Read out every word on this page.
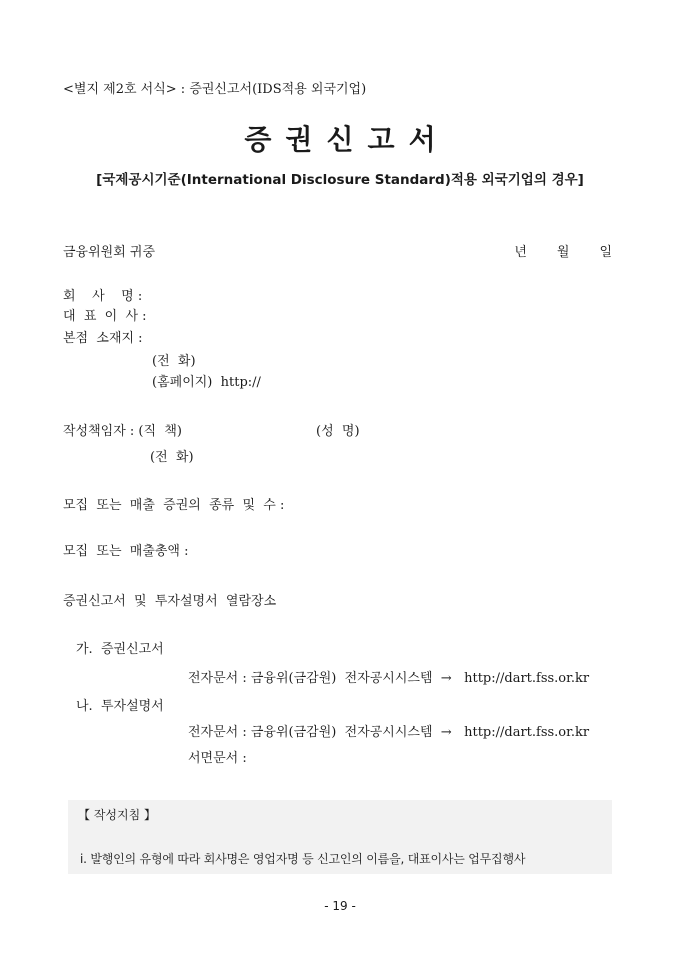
<별지 제2호 서식> : 증권신고서(IDS적용 외국기업)
증권신고서
[국제공시기준(International Disclosure Standard)적용 외국기업의 경우]
금융위원회 귀중	년 월 일
회    사    명 :
대  표  이  사 :
본점  소재지 :
(전  화)
(홈페이지)  http://
작성책임자 : (직  책)	(성  명)
(전  화)
모집  또는  매출  증권의  종류  및  수 :
모집  또는  매출총액 :
증권신고서  및  투자설명서  열람장소
가.  증권신고서
전자문서 : 금융위(금감원)  전자공시시스템  →   http://dart.fss.or.kr
나.  투자설명서
전자문서 : 금융위(금감원)  전자공시시스템  →   http://dart.fss.or.kr
서면문서 :
【 작성지침 】
ⅰ. 발행인의 유형에 따라 회사명은 영업자명 등 신고인의 이름을, 대표이사는 업무집행사
- 19 -
